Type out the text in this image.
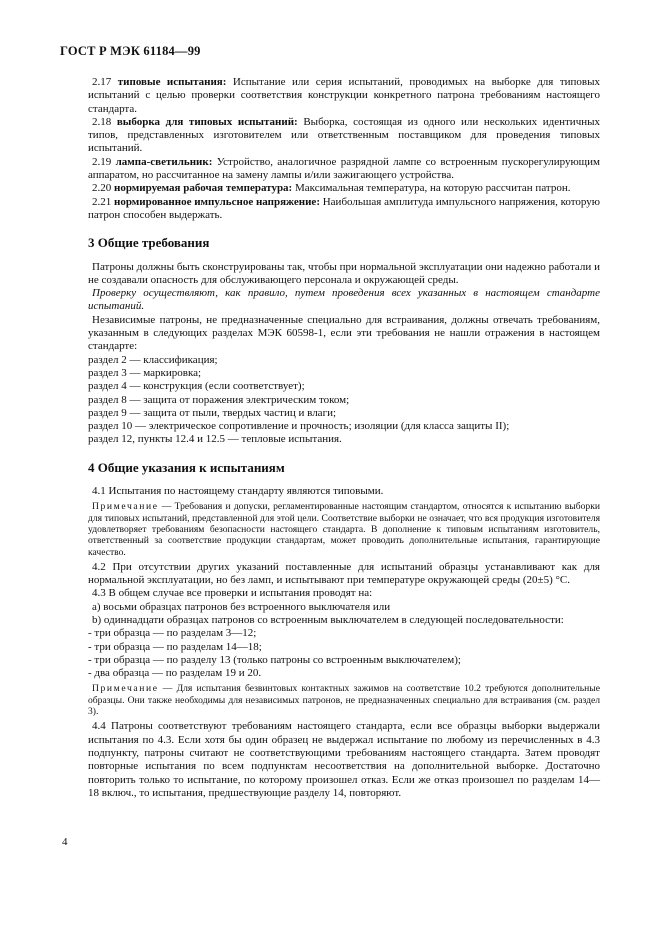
ГОСТ Р МЭК 61184—99

2.17 типовые испытания: Испытание или серия испытаний, проводимых на выборке для типовых испытаний с целью проверки соответствия конструкции конкретного патрона требованиям настоящего стандарта.

2.18 выборка для типовых испытаний: Выборка, состоящая из одного или нескольких идентичных типов, представленных изготовителем или ответственным поставщиком для проведения типовых испытаний.

2.19 лампа-светильник: Устройство, аналогичное разрядной лампе со встроенным пускорегулирующим аппаратом, но рассчитанное на замену лампы и/или зажигающего устройства.

2.20 нормируемая рабочая температура: Максимальная температура, на которую рассчитан патрон.

2.21 нормированное импульсное напряжение: Наибольшая амплитуда импульсного напряжения, которую патрон способен выдержать.

3 Общие требования

Патроны должны быть сконструированы так, чтобы при нормальной эксплуатации они надежно работали и не создавали опасность для обслуживающего персонала и окружающей среды.

Проверку осуществляют, как правило, путем проведения всех указанных в настоящем стандарте испытаний.

Независимые патроны, не предназначенные специально для встраивания, должны отвечать требованиям, указанным в следующих разделах МЭК 60598-1, если эти требования не нашли отражения в настоящем стандарте:

раздел 2 — классификация;

раздел 3 — маркировка;

раздел 4 — конструкция (если соответствует);

раздел 8 — защита от поражения электрическим током;

раздел 9 — защита от пыли, твердых частиц и влаги;

раздел 10 — электрическое сопротивление и прочность; изоляции (для класса защиты II);

раздел 12, пункты 12.4 и 12.5 — тепловые испытания.

4 Общие указания к испытаниям

4.1 Испытания по настоящему стандарту являются типовыми.

Примечание — Требования и допуски, регламентированные настоящим стандартом, относятся к испытанию выборки для типовых испытаний, представленной для этой цели. Соответствие выборки не означает, что вся продукция изготовителя удовлетворяет требованиям безопасности настоящего стандарта. В дополнение к типовым испытаниям изготовитель, ответственный за соответствие продукции стандартам, может проводить дополнительные испытания, гарантирующие качество.

4.2 При отсутствии других указаний поставленные для испытаний образцы устанавливают как для нормальной эксплуатации, но без ламп, и испытывают при температуре окружающей среды (20±5) °С.

4.3 В общем случае все проверки и испытания проводят на:

а) восьми образцах патронов без встроенного выключателя или

b) одиннадцати образцах патронов со встроенным выключателем в следующей последовательности:

- три образца — по разделам 3—12;

- три образца — по разделам 14—18;

- три образца — по разделу 13 (только патроны со встроенным выключателем);

- два образца — по разделам 19 и 20.

Примечание — Для испытания безвинтовых контактных зажимов на соответствие 10.2 требуются дополнительные образцы. Они также необходимы для независимых патронов, не предназначенных специально для встраивания (см. раздел 3).

4.4 Патроны соответствуют требованиям настоящего стандарта, если все образцы выборки выдержали испытания по 4.3. Если хотя бы один образец не выдержал испытание по любому из перечисленных в 4.3 подпункту, патроны считают не соответствующими требованиям настоящего стандарта. Затем проводят повторные испытания по всем подпунктам несоответствия на дополнительной выборке. Достаточно повторить только то испытание, по которому произошел отказ. Если же отказ произошел по разделам 14—18 включ., то испытания, предшествующие разделу 14, повторяют.

4
